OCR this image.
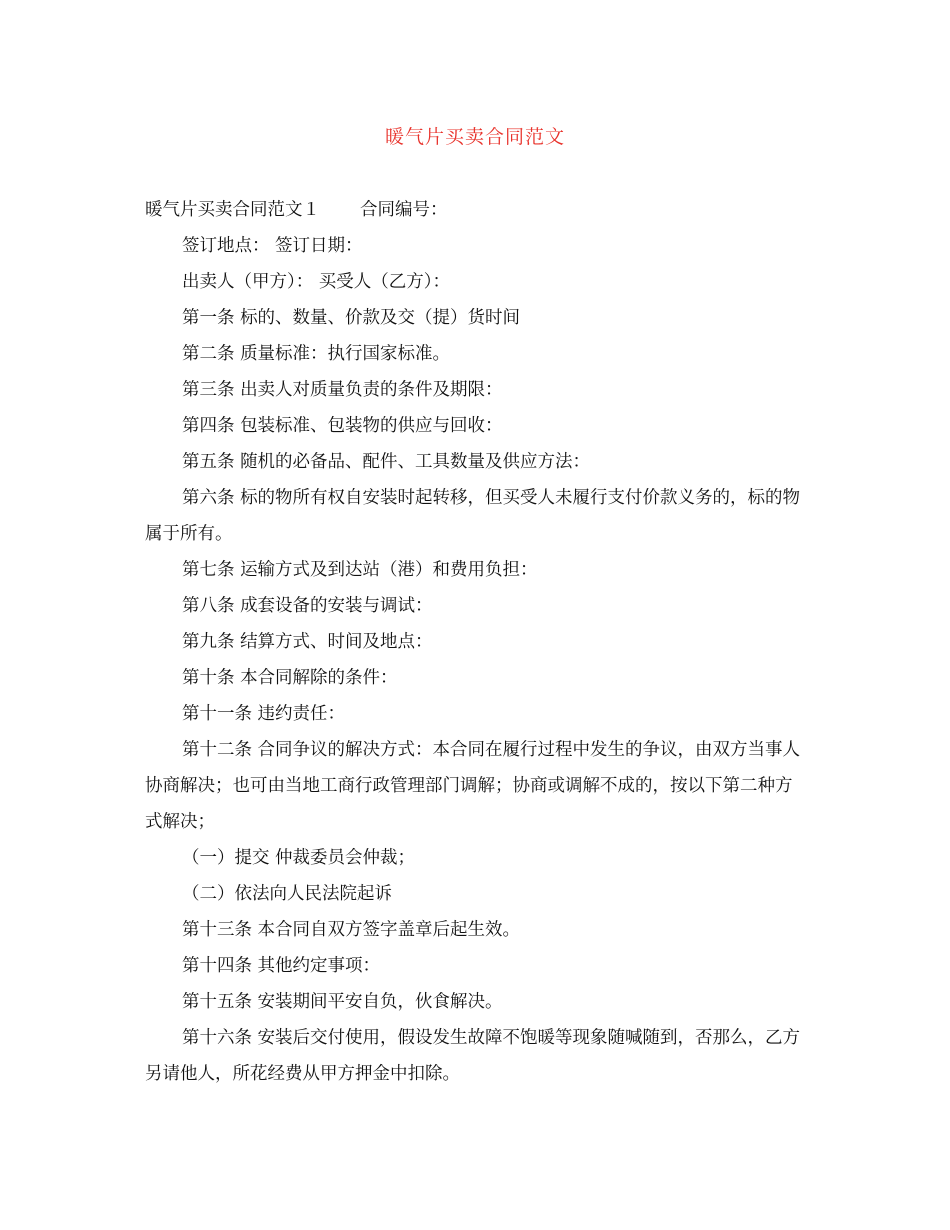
暖气片买卖合同范文

暖气片买卖合同范文１ 合同编号：

签订地点： 签订日期：

出卖人（甲方）： 买受人（乙方）：

第一条 标的、数量、价款及交（提）货时间

第二条 质量标准：执行国家标准。

第三条 出卖人对质量负责的条件及期限：

第四条 包装标准、包装物的供应与回收：

第五条 随机的必备品、配件、工具数量及供应方法：

第六条 标的物所有权自安装时起转移，但买受人未履行支付价款义务的，标的物属于所有。

第七条 运输方式及到达站（港）和费用负担：

第八条 成套设备的安装与调试：

第九条 结算方式、时间及地点：

第十条 本合同解除的条件：

第十一条 违约责任：

第十二条 合同争议的解决方式：本合同在履行过程中发生的争议，由双方当事人协商解决；也可由当地工商行政管理部门调解；协商或调解不成的，按以下第二种方式解决；

（一）提交 仲裁委员会仲裁；

（二）依法向人民法院起诉

第十三条 本合同自双方签字盖章后起生效。

第十四条 其他约定事项：

第十五条 安装期间平安自负，伙食解决。

第十六条 安装后交付使用，假设发生故障不饱暖等现象随喊随到，否那么，乙方另请他人，所花经费从甲方押金中扣除。
